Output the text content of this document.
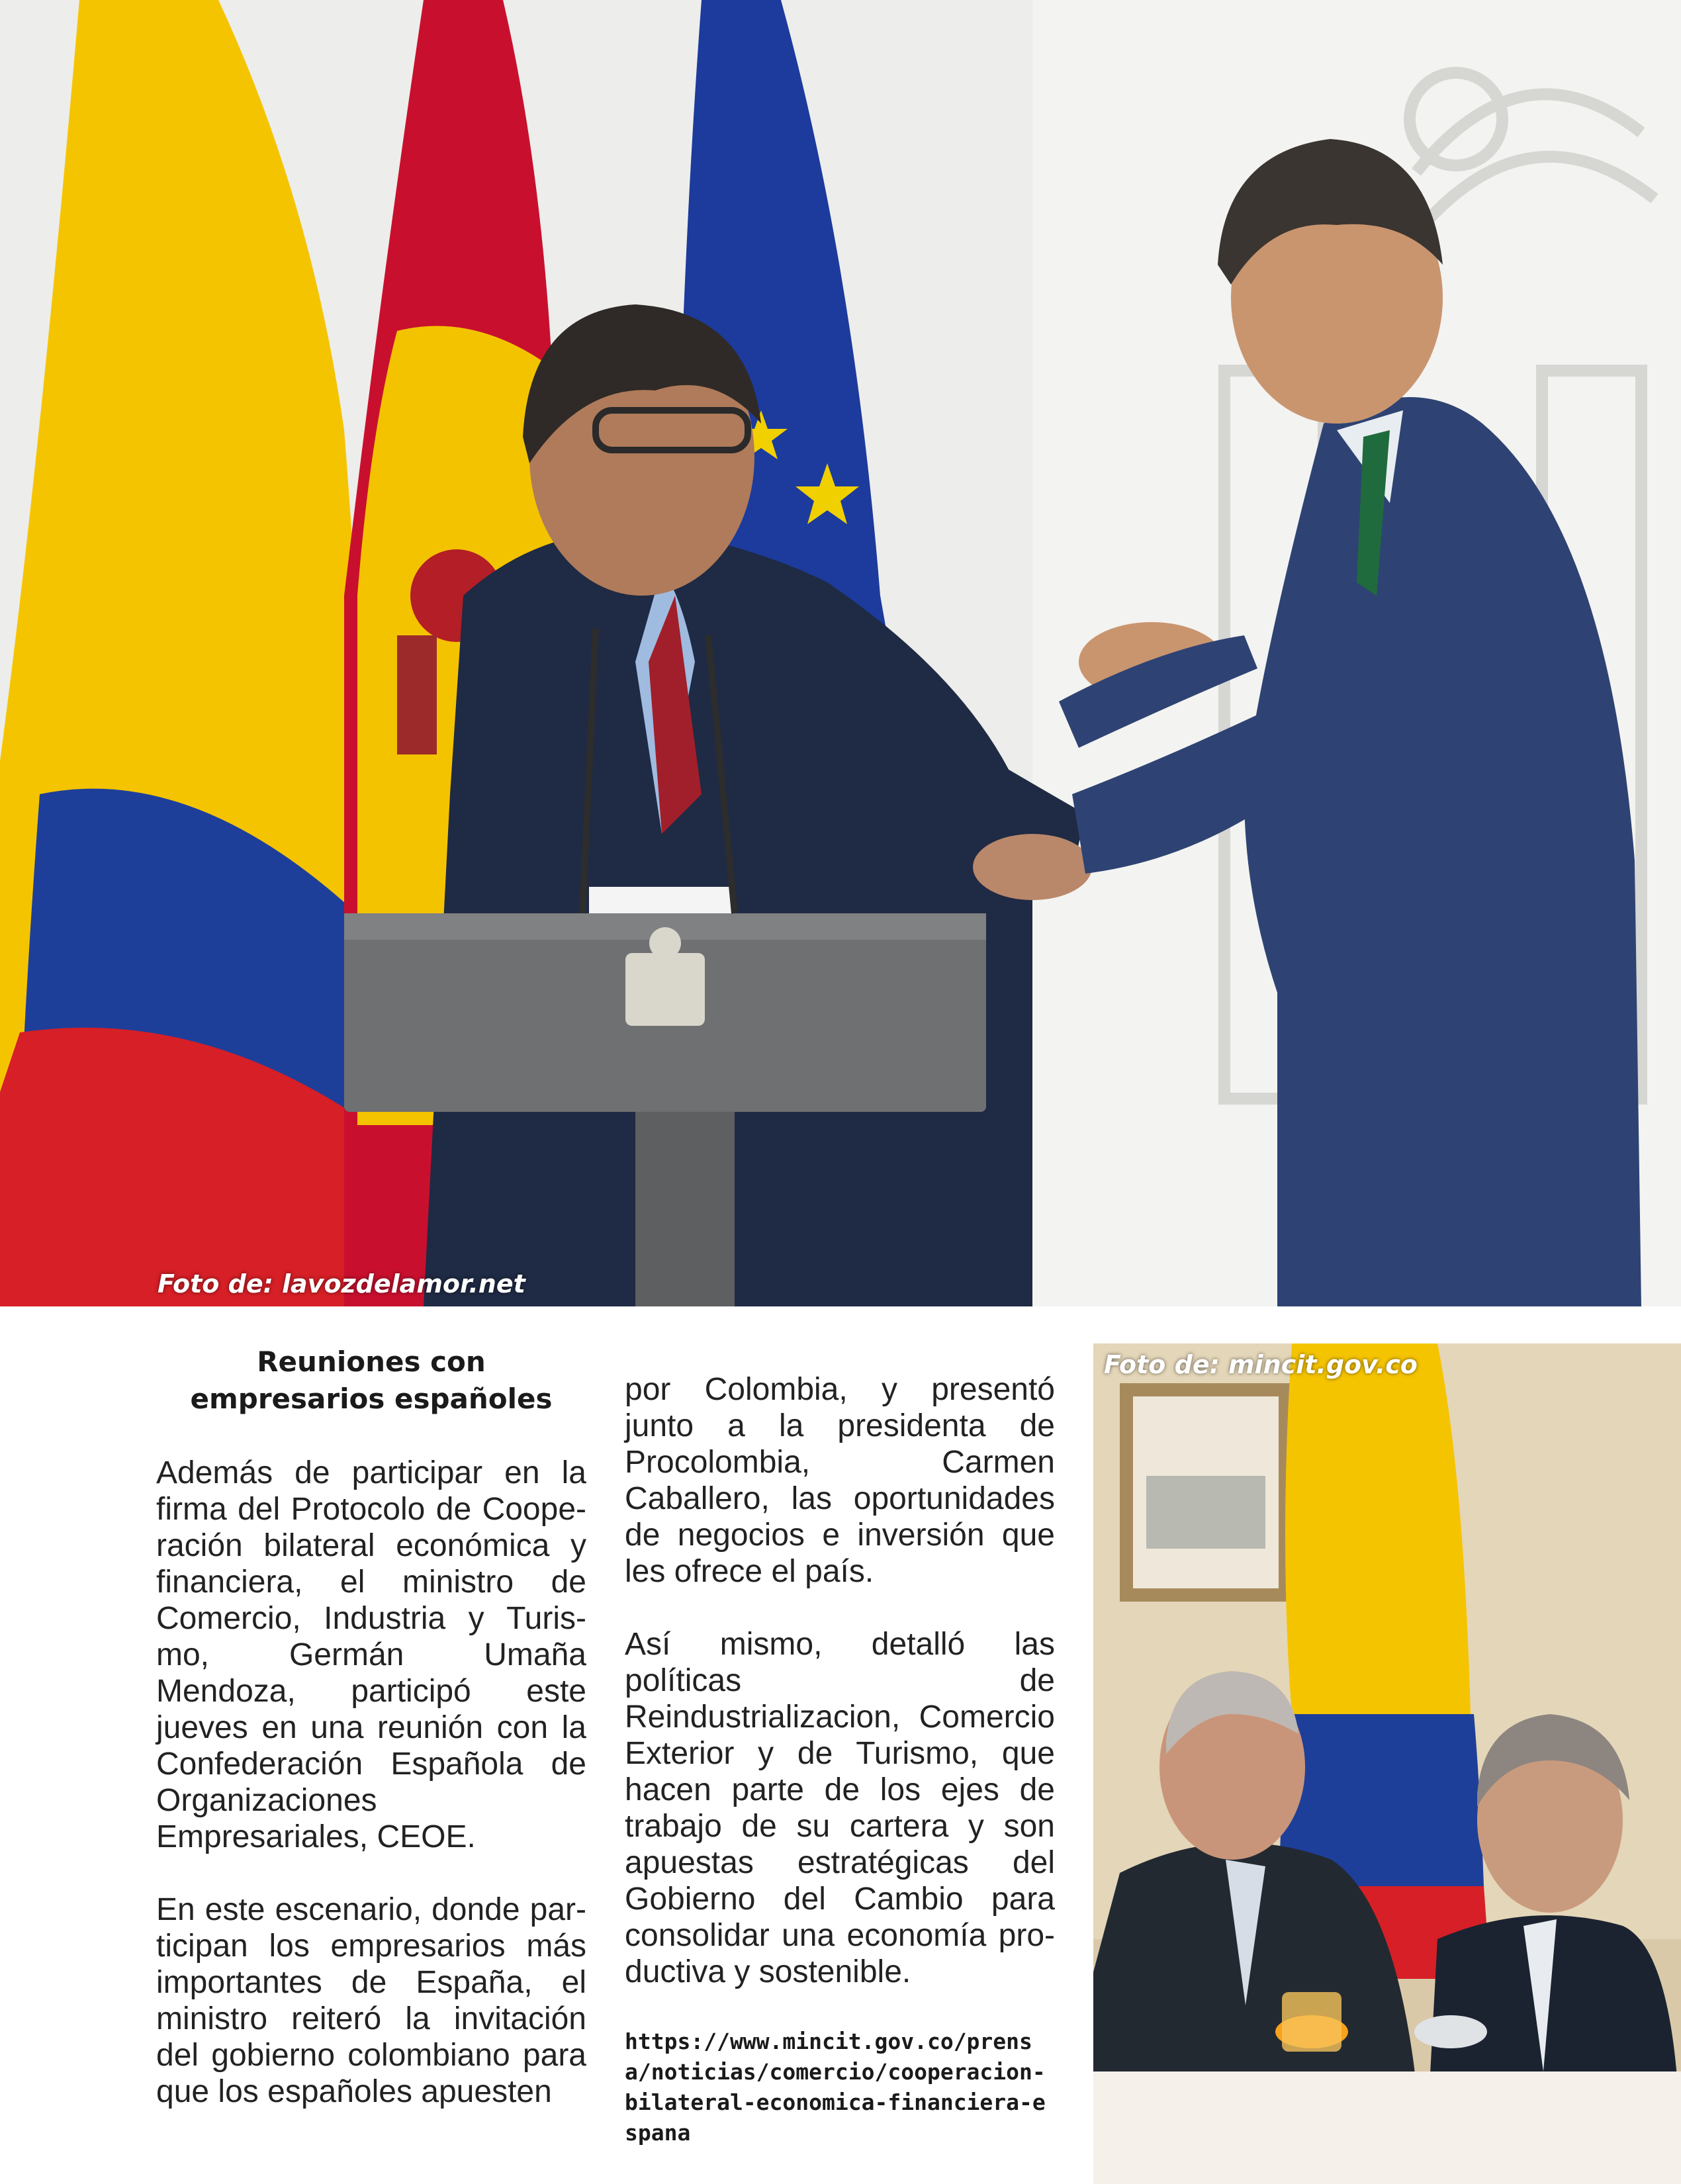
Foto de: lavozdelamor.net
Reuniones con empresarios españoles

Además de participar en la firma del Protocolo de Cooperación bilateral económica y financiera, el ministro de Comercio, Industria y Turismo, Germán Umaña Mendoza, participó este jueves en una reunión con la Confederación Española de Organizaciones Empresariales, CEOE.

En este escenario, donde participan los empresarios más importantes de España, el ministro reiteró la invitación del gobierno colombiano para que los españoles apuesten

por Colombia, y presentó junto a la presidenta de Procolombia, Carmen Caballero, las oportunidades de negocios e inversión que les ofrece el país.

Así mismo, detalló las políticas de Reindustrializacion, Comercio Exterior y de Turismo, que hacen parte de los ejes de trabajo de su cartera y son apuestas estratégicas del Gobierno del Cambio para consolidar una economía productiva y sostenible.

https://www.mincit.gov.co/prensa/noticias/comercio/cooperacion-bilateral-economica-financiera-espana
Foto de: mincit.gov.co
